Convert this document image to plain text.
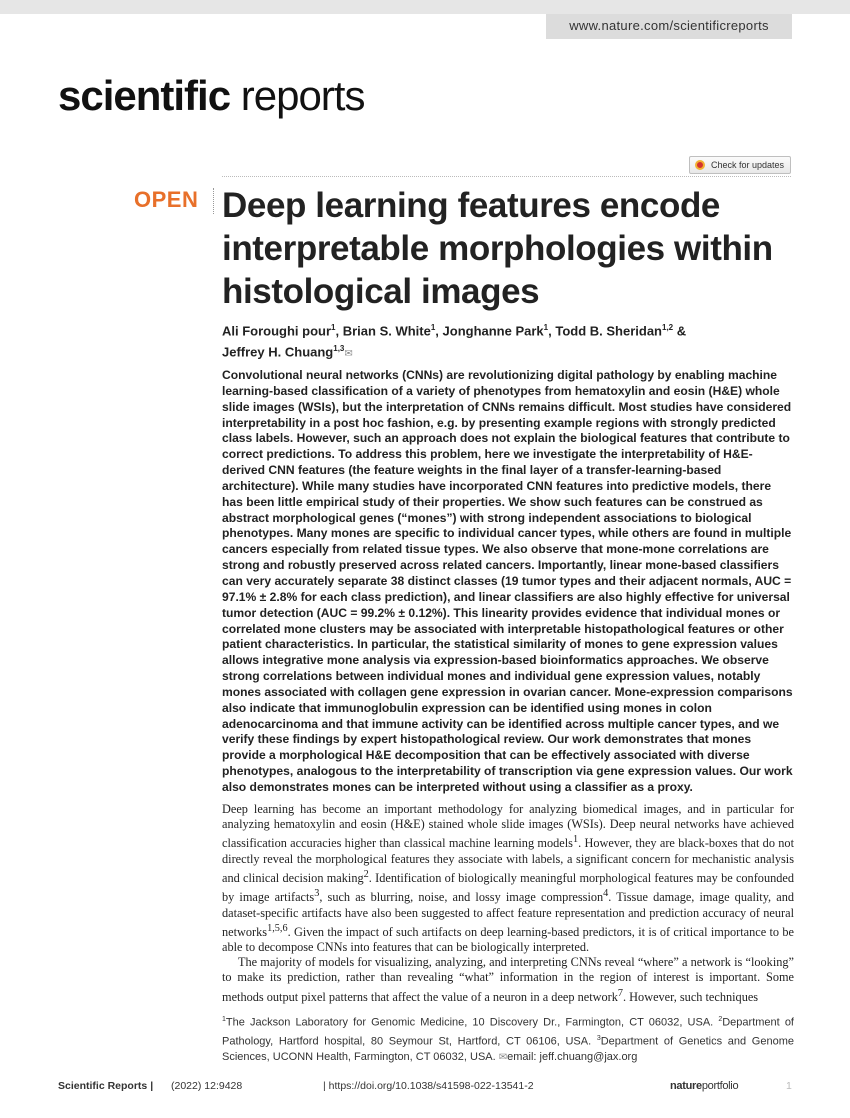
www.nature.com/scientificreports
scientific reports
Check for updates
OPEN Deep learning features encode interpretable morphologies within histological images
Ali Foroughi pour$^1$, Brian S. White$^1$, Jonghanne Park$^1$, Todd B. Sheridan$^{1,2}$ &
Jeffrey H. Chuang$^{1,3}$✉

Convolutional neural networks (CNNs) are revolutionizing digital pathology by enabling machine learning-based classification of a variety of phenotypes from hematoxylin and eosin (H&E) whole slide images (WSIs), but the interpretation of CNNs remains difficult. Most studies have considered interpretability in a post hoc fashion, e.g. by presenting example regions with strongly predicted class labels. However, such an approach does not explain the biological features that contribute to correct predictions. To address this problem, here we investigate the interpretability of H&E-derived CNN features (the feature weights in the final layer of a transfer-learning-based architecture). While many studies have incorporated CNN features into predictive models, there has been little empirical study of their properties. We show such features can be construed as abstract morphological genes (“mones”) with strong independent associations to biological phenotypes. Many mones are specific to individual cancer types, while others are found in multiple cancers especially from related tissue types. We also observe that mone-mone correlations are strong and robustly preserved across related cancers. Importantly, linear mone-based classifiers can very accurately separate 38 distinct classes (19 tumor types and their adjacent normals, AUC = 97.1% ± 2.8% for each class prediction), and linear classifiers are also highly effective for universal tumor detection (AUC = 99.2% ± 0.12%). This linearity provides evidence that individual mones or correlated mone clusters may be associated with interpretable histopathological features or other patient characteristics. In particular, the statistical similarity of mones to gene expression values allows integrative mone analysis via expression-based bioinformatics approaches. We observe strong correlations between individual mones and individual gene expression values, notably mones associated with collagen gene expression in ovarian cancer. Mone-expression comparisons also indicate that immunoglobulin expression can be identified using mones in colon adenocarcinoma and that immune activity can be identified across multiple cancer types, and we verify these findings by expert histopathological review. Our work demonstrates that mones provide a morphological H&E decomposition that can be effectively associated with diverse phenotypes, analogous to the interpretability of transcription via gene expression values. Our work also demonstrates mones can be interpreted without using a classifier as a proxy.

Deep learning has become an important methodology for analyzing biomedical images, and in particular for analyzing hematoxylin and eosin (H&E) stained whole slide images (WSIs). Deep neural networks have achieved classification accuracies higher than classical machine learning models$^1$. However, they are black-boxes that do not directly reveal the morphological features they associate with labels, a significant concern for mechanistic analysis and clinical decision making$^2$. Identification of biologically meaningful morphological features may be confounded by image artifacts$^3$, such as blurring, noise, and lossy image compression$^4$. Tissue damage, image quality, and dataset-specific artifacts have also been suggested to affect feature representation and prediction accuracy of neural networks$^{1,5,6}$. Given the impact of such artifacts on deep learning-based predictors, it is of critical importance to be able to decompose CNNs into features that can be biologically interpreted.

The majority of models for visualizing, analyzing, and interpreting CNNs reveal “where” a network is “looking” to make its prediction, rather than revealing “what” information in the region of interest is important. Some methods output pixel patterns that affect the value of a neuron in a deep network$^7$. However, such techniques

$^1$The Jackson Laboratory for Genomic Medicine, 10 Discovery Dr., Farmington, CT 06032, USA. $^2$Department of Pathology, Hartford hospital, 80 Seymour St, Hartford, CT 06106, USA. $^3$Department of Genetics and Genome Sciences, UCONN Health, Farmington, CT 06032, USA. ✉email: jeff.chuang@jax.org
Scientific Reports | (2022) 12:9428	| https://doi.org/10.1038/s41598-022-13541-2	natureportfolio	1
